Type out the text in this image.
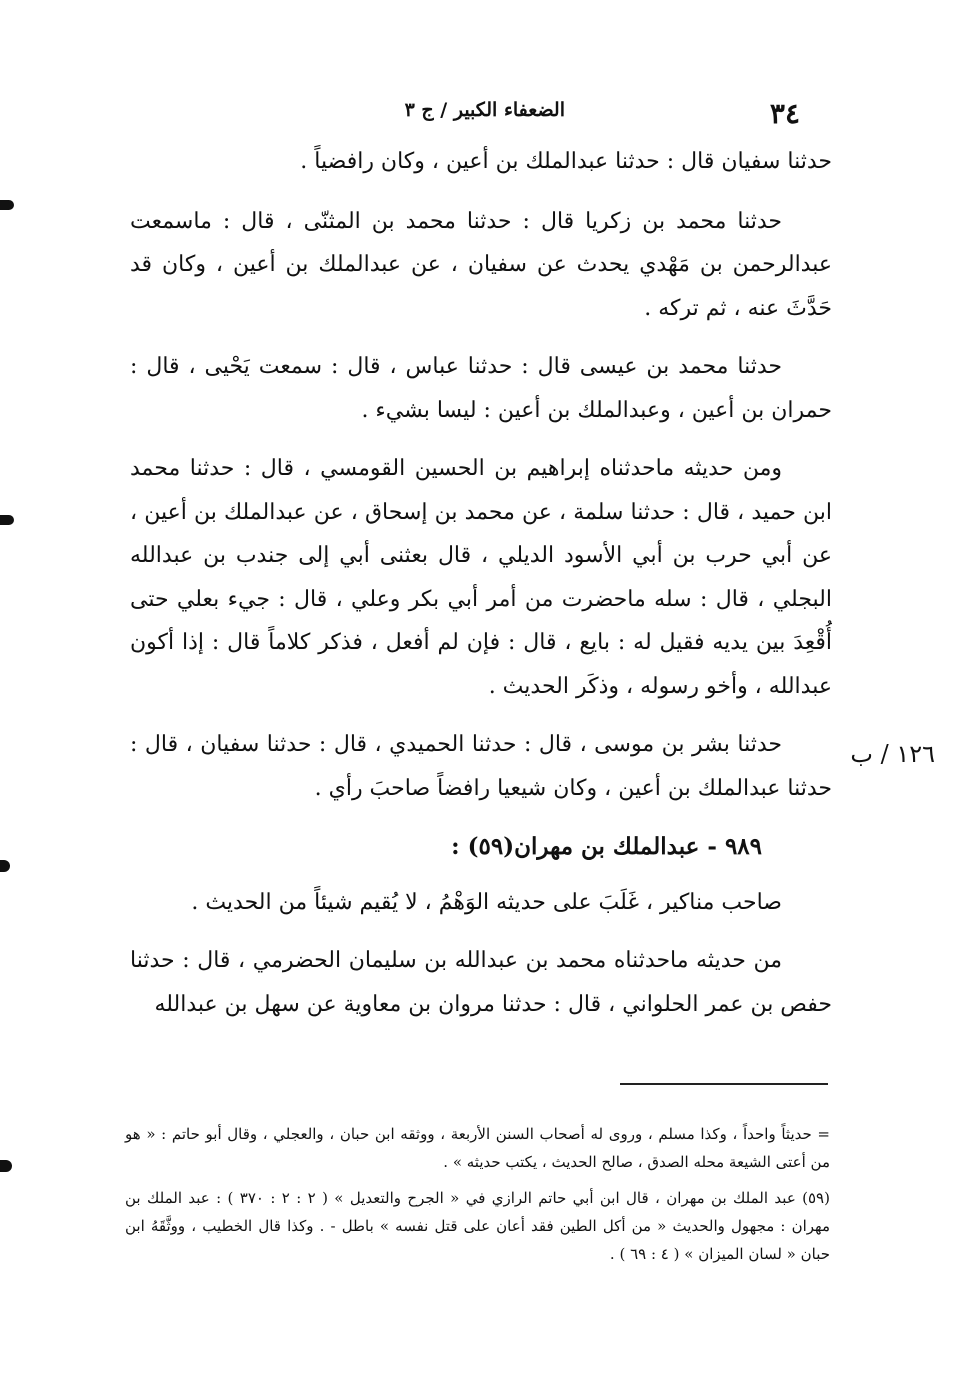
٣٤
الضعفاء الكبير / ج ٣
١٢٦ / ب

حدثنا سفيان قال : حدثنا عبدالملك بن أعين ، وكان رافضياً .

حدثنا محمد بن زكريا قال : حدثنا محمد بن المثنّى ، قال : ماسمعت عبدالرحمن بن مَهْدي يحدث عن سفيان ، عن عبدالملك بن أعين ، وكان قد حَدَّثَ عنه ، ثم تركه .

حدثنا محمد بن عيسى قال : حدثنا عباس ، قال : سمعت يَحْيى ، قال : حمران بن أعين ، وعبدالملك بن أعين : ليسا بشيء .

ومن حديثه ماحدثناه إبراهيم بن الحسين القومسي ، قال : حدثنا محمد ابن حميد ، قال : حدثنا سلمة ، عن محمد بن إسحاق ، عن عبدالملك بن أعين ، عن أبي حرب بن أبي الأسود الديلي ، قال بعثنى أبي إلى جندب بن عبدالله البجلي ، قال : سله ماحضرت من أمر أبي بكر وعلي ، قال : جيء بعلي حتى أُقْعِدَ بين يديه فقيل له : بايع ، قال : فإن لم أفعل ، فذكر كلاماً قال : إذا أكون عبدالله ، وأخو رسوله ، وذكَر الحديث .

حدثنا بشر بن موسى ، قال : حدثنا الحميدي ، قال : حدثنا سفيان ، قال : حدثنا عبدالملك بن أعين ، وكان شيعيا رافضاً صاحبَ رأي .

٩٨٩ - عبدالملك بن مهران(٥٩) :

صاحب مناكير ، غَلَبَ على حديثه الوَهْمُ ، لا يُقيم شيئاً من الحديث .

من حديثه ماحدثناه محمد بن عبدالله بن سليمان الحضرمي ، قال : حدثنا حفص بن عمر الحلواني ، قال : حدثنا مروان بن معاوية عن سهل بن عبدالله

= حديثاً واحداً ، وكذا مسلم ، وروى له أصحاب السنن الأربعة ، ووثقه ابن حبان ، والعجلي ، وقال أبو حاتم : « هو من أعتى الشيعة محله الصدق ، صالح الحديث ، يكتب حديثه » .

(٥٩) عبد الملك بن مهران ، قال ابن أبي حاتم الرازي في « الجرح والتعديل » ( ٢ : ٢ : ٣٧٠ ) : عبد الملك بن مهران : مجهول والحديث « من أكل الطين فقد أعان على قتل نفسه » باطل - . وكذا قال الخطيب ، ووثَّقَهُ ابن حبان « لسان الميزان » ( ٤ : ٦٩ ) .
